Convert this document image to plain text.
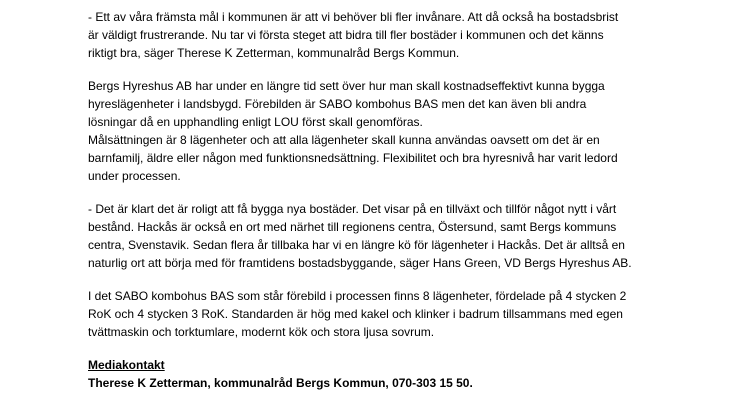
- Ett av våra främsta mål i kommunen är att vi behöver bli fler invånare. Att då också ha bostadsbrist
är väldigt frustrerande. Nu tar vi första steget att bidra till fler bostäder i kommunen och det känns
riktigt bra, säger Therese K Zetterman, kommunalråd Bergs Kommun.
Bergs Hyreshus AB har under en längre tid sett över hur man skall kostnadseffektivt kunna bygga
hyreslägenheter i landsbygd. Förebilden är SABO kombohus BAS men det kan även bli andra
lösningar då en upphandling enligt LOU först skall genomföras.
Målsättningen är 8 lägenheter och att alla lägenheter skall kunna användas oavsett om det är en
barnfamilj, äldre eller någon med funktionsnedsättning. Flexibilitet och bra hyresnivå har varit ledord
under processen.
- Det är klart det är roligt att få bygga nya bostäder. Det visar på en tillväxt och tillför något nytt i vårt
bestånd. Hackås är också en ort med närhet till regionens centra, Östersund, samt Bergs kommuns
centra, Svenstavik. Sedan flera år tillbaka har vi en längre kö för lägenheter i Hackås. Det är alltså en
naturlig ort att börja med för framtidens bostadsbyggande, säger Hans Green, VD Bergs Hyreshus AB.
I det SABO kombohus BAS som står förebild i processen finns 8 lägenheter, fördelade på 4 stycken 2
RoK och 4 stycken 3 RoK. Standarden är hög med kakel och klinker i badrum tillsammans med egen
tvättmaskin och torktumlare, modernt kök och stora ljusa sovrum.
Mediakontakt
Therese K Zetterman, kommunalråd Bergs Kommun, 070-303 15 50.
